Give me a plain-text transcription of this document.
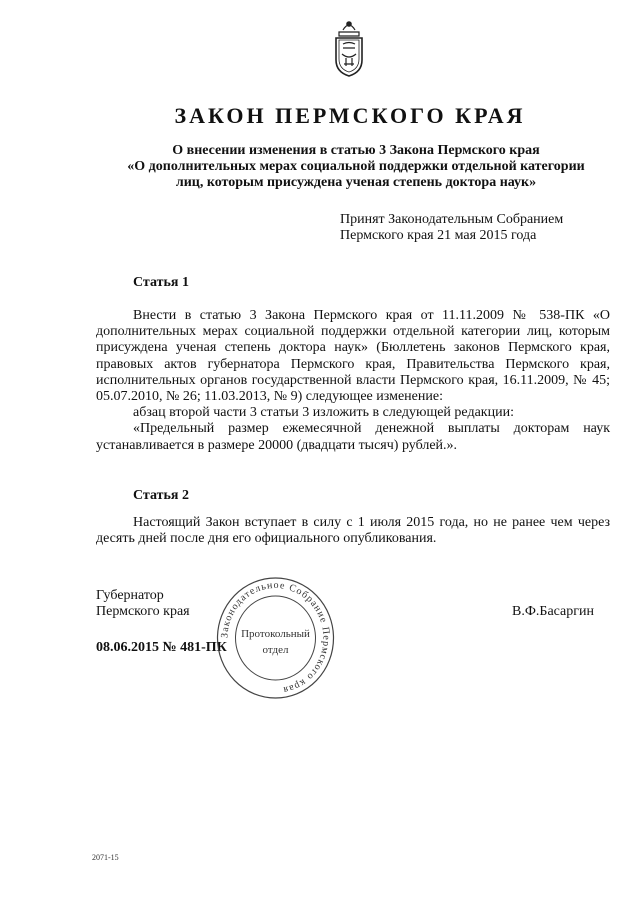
ЗАКОН ПЕРМСКОГО КРАЯ
О внесении изменения в статью 3 Закона Пермского края
«О дополнительных мерах социальной поддержки отдельной категории
лиц, которым присуждена ученая степень доктора наук»
Принят Законодательным Собранием
Пермского края 21 мая 2015 года
Статья 1

Внести в статью 3 Закона Пермского края от 11.11.2009 № 538-ПК «О дополнительных мерах социальной поддержки отдельной категории лиц, которым присуждена ученая степень доктора наук» (Бюллетень законов Пермского края, правовых актов губернатора Пермского края, Правительства Пермского края, исполнительных органов государственной власти Пермского края, 16.11.2009, № 45; 05.07.2010, № 26; 11.03.2013, № 9) следующее изменение:

абзац второй части 3 статьи 3 изложить в следующей редакции:

«Предельный размер ежемесячной денежной выплаты докторам наук устанавливается в размере 20000 (двадцати тысяч) рублей.».

Статья 2

Настоящий Закон вступает в силу с 1 июля 2015 года, но не ранее чем через десять дней после дня его официального опубликования.

Губернатор
Пермского края	В.Ф.Басаргин
08.06.2015 № 481-ПК
Законодательное Собрание Пермского края
Протокольный
отдел
2071-15
